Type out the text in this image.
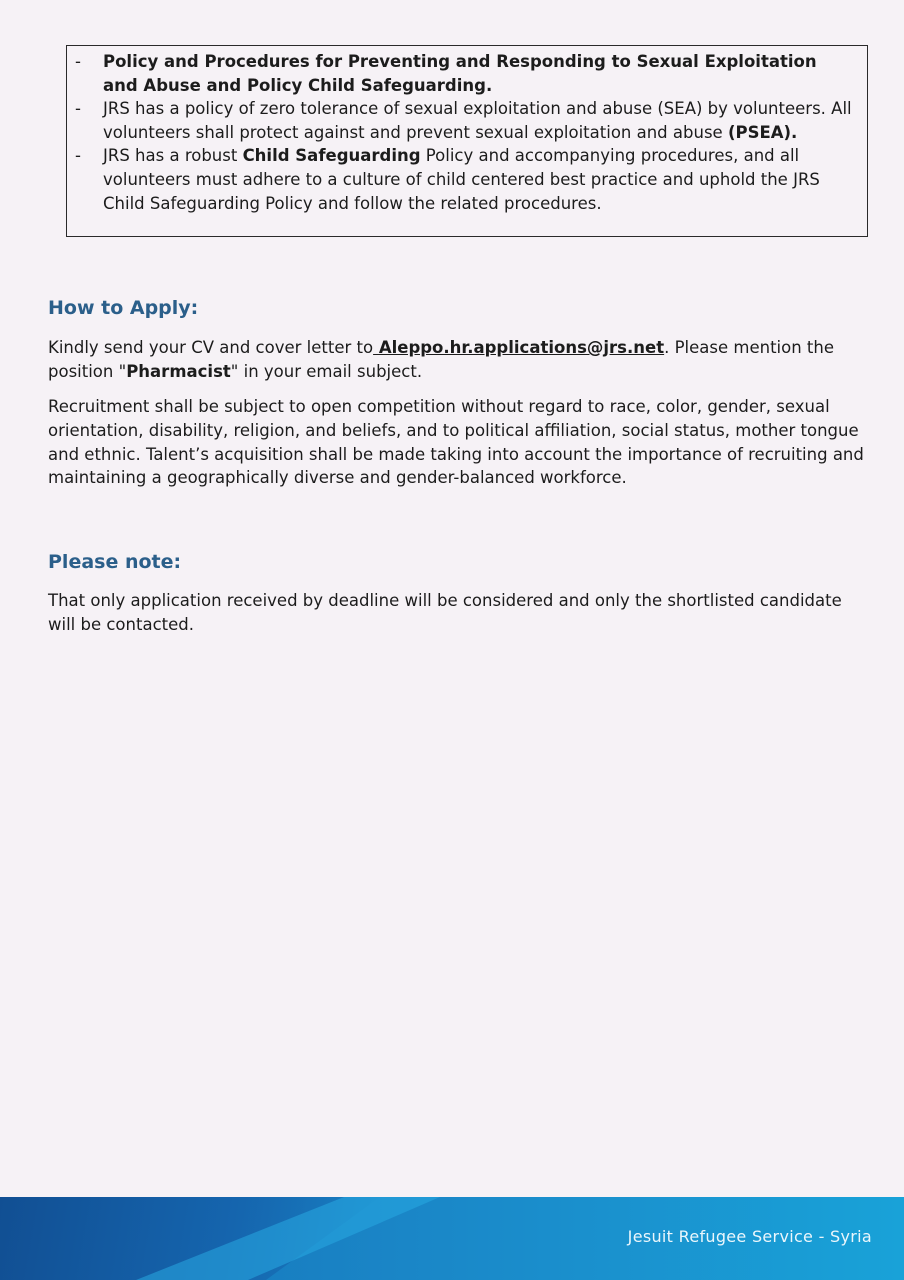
- Policy and Procedures for Preventing and Responding to Sexual Exploitation and Abuse and Policy Child Safeguarding.
- JRS has a policy of zero tolerance of sexual exploitation and abuse (SEA) by volunteers. All volunteers shall protect against and prevent sexual exploitation and abuse (PSEA).
- JRS has a robust Child Safeguarding Policy and accompanying procedures, and all volunteers must adhere to a culture of child centered best practice and uphold the JRS Child Safeguarding Policy and follow the related procedures.
How to Apply:

Kindly send your CV and cover letter to Aleppo.hr.applications@jrs.net. Please mention the position "Pharmacist" in your email subject.

Recruitment shall be subject to open competition without regard to race, color, gender, sexual orientation, disability, religion, and beliefs, and to political affiliation, social status, mother tongue and ethnic. Talent’s acquisition shall be made taking into account the importance of recruiting and maintaining a geographically diverse and gender-balanced workforce.

Please note:

That only application received by deadline will be considered and only the shortlisted candidate will be contacted.

Jesuit Refugee Service - Syria
